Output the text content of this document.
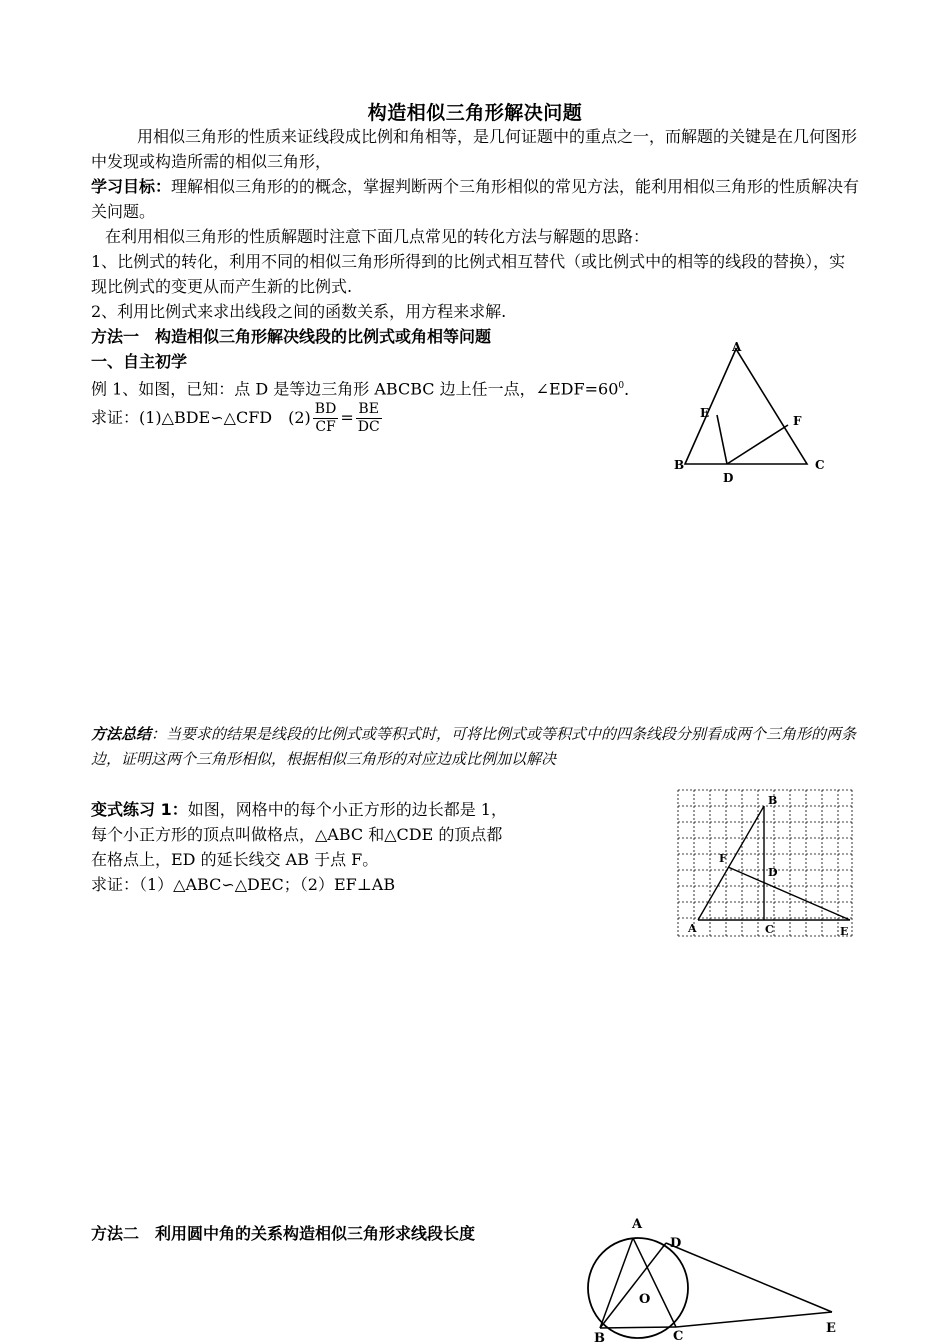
构造相似三角形解决问题
用相似三角形的性质来证线段成比例和角相等，是几何证题中的重点之一，而解题的关键是在几何图形中发现或构造所需的相似三角形，
学习目标：理解相似三角形的的概念，掌握判断两个三角形相似的常见方法，能利用相似三角形的性质解决有关问题。
在利用相似三角形的性质解题时注意下面几点常见的转化方法与解题的思路：
1、比例式的转化，利用不同的相似三角形所得到的比例式相互替代（或比例式中的相等的线段的替换），实现比例式的变更从而产生新的比例式.
2、利用比例式来求出线段之间的函数关系，用方程来求解.
方法一　构造相似三角形解决线段的比例式或角相等问题
一、自主初学
例 1、如图，已知：点 D 是等边三角形 ABCBC 边上任一点，$\angle EDF=60^0$．
求证：(1)△BDE∽△CFD　$(2) \frac{BD}{CF} = \frac{BE}{DC}$
A
E
F
B
D
C
方法总结：当要求的结果是线段的比例式或等积式时，可将比例式或等积式中的四条线段分别看成两个三角形的两条边，证明这两个三角形相似，根据相似三角形的对应边成比例加以解决
变式练习 1：如图，网格中的每个小正方形的边长都是 1，
每个小正方形的顶点叫做格点，△ABC 和△CDE 的顶点都
在格点上，ED 的延长线交 AB 于点 F。
求证：（1）△ABC∽△DEC；（2）EF⊥AB
B
F
D
A	C	E
方法二　利用圆中角的关系构造相似三角形求线段长度	A
D
O
B	C
E
